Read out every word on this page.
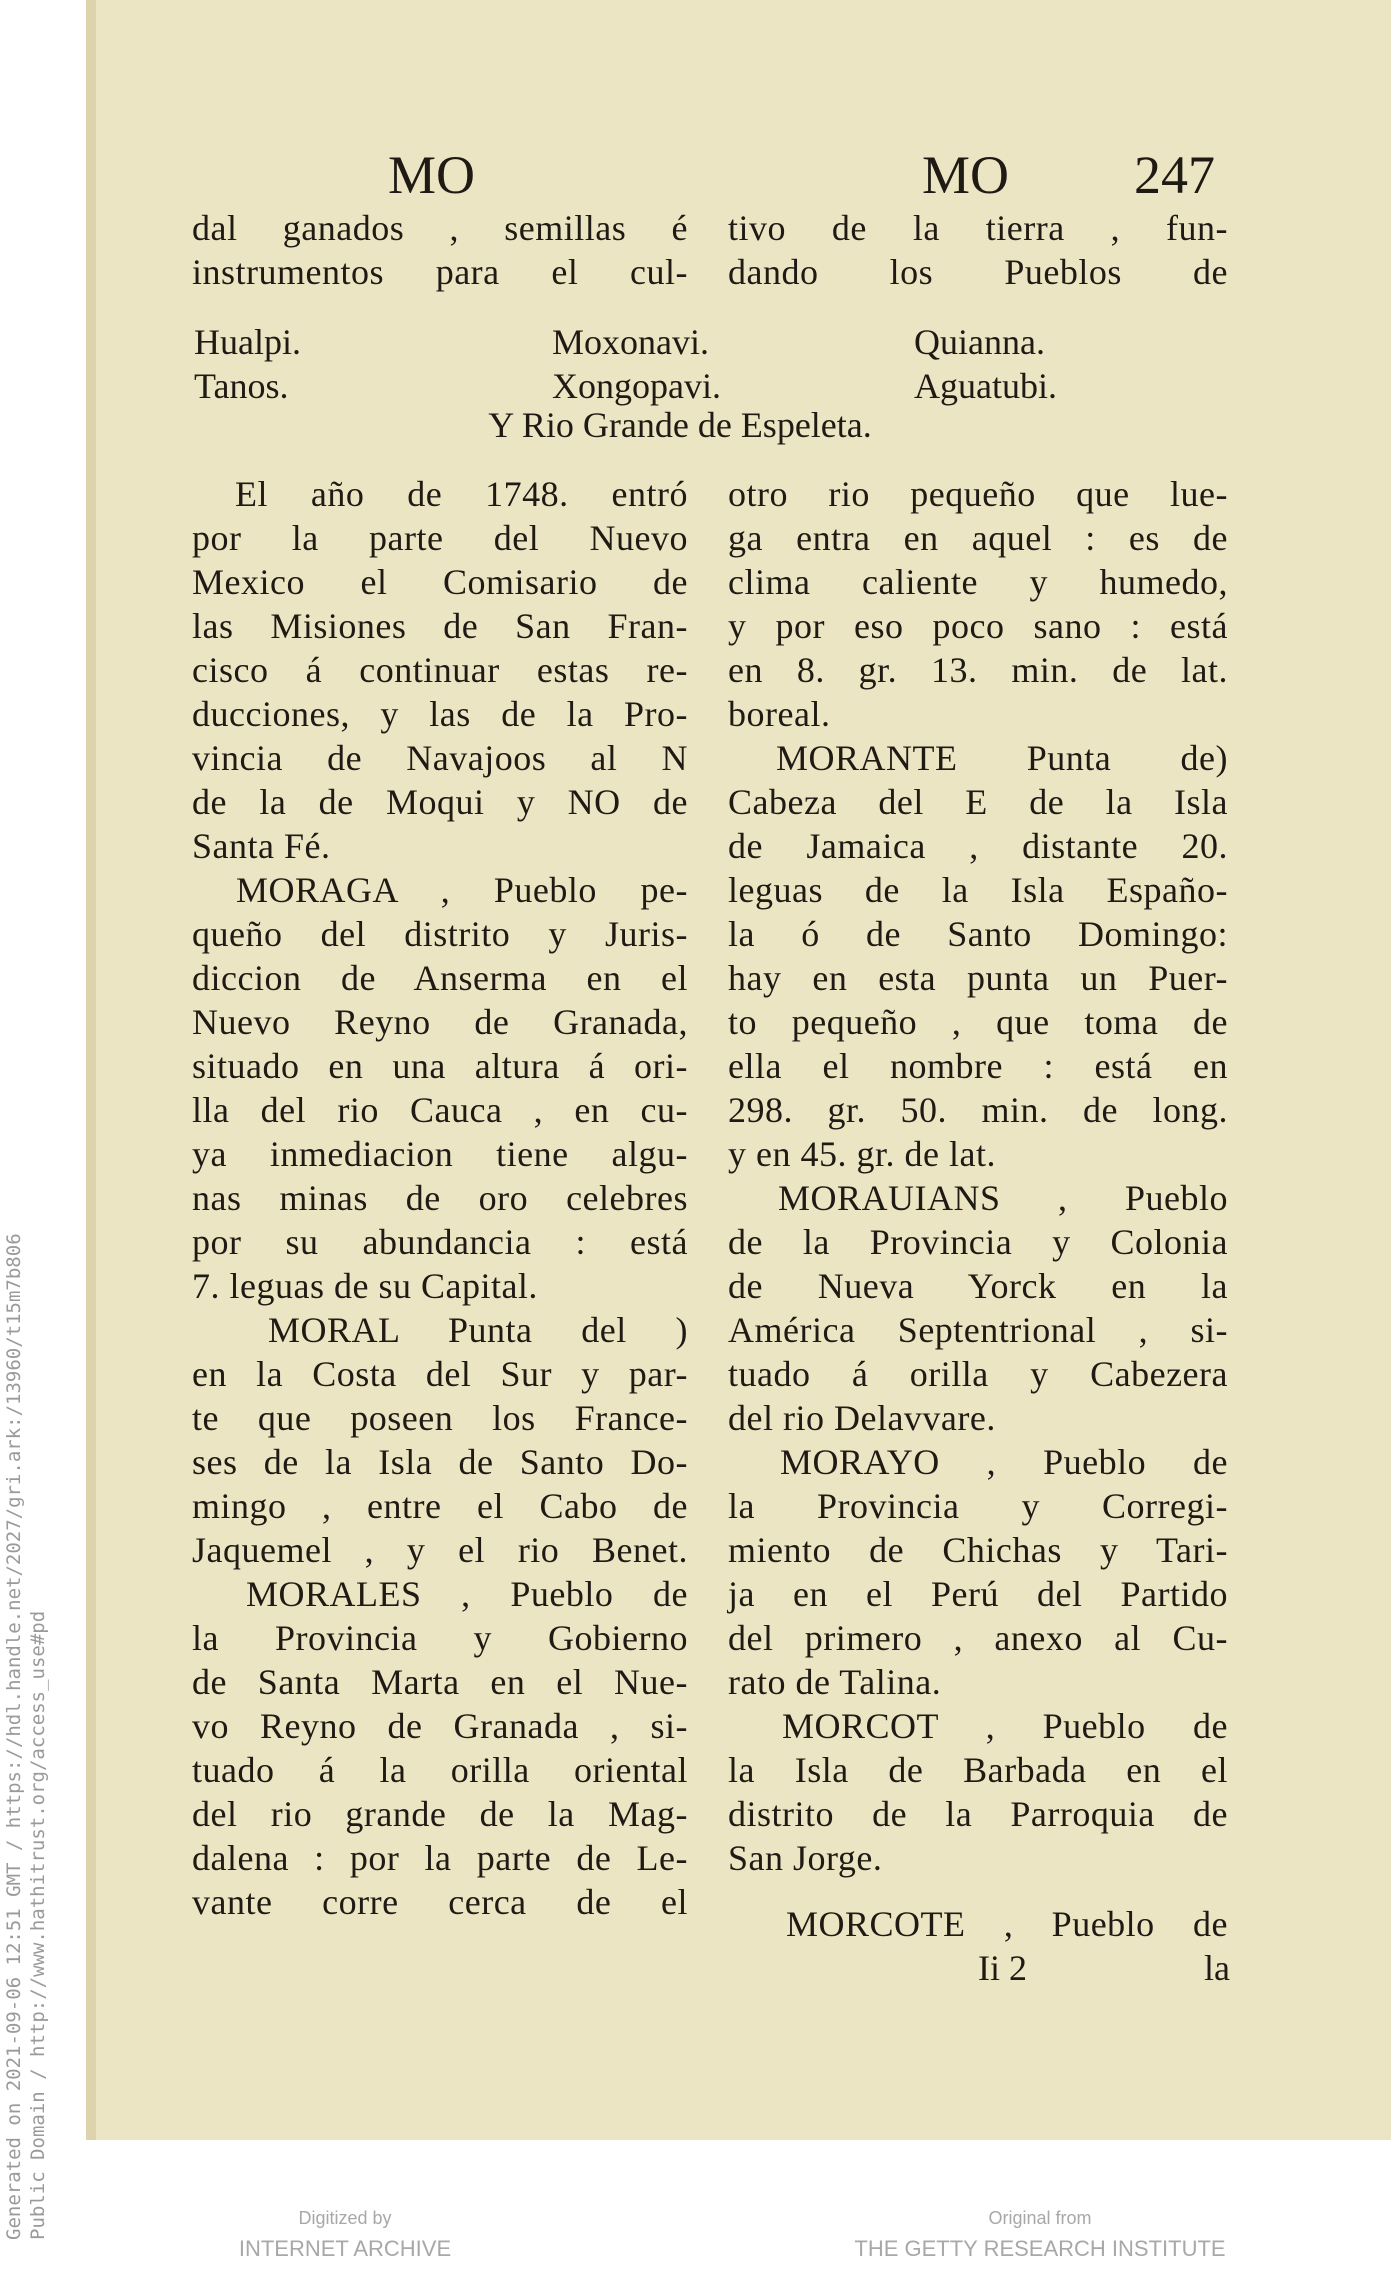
Generated on 2021-09-06 12:51 GMT / https://hdl.handle.net/2027/gri.ark:/13960/t15m7b806 Public Domain / http://www.hathitrust.org/access_use#pd
MO	MO 247
dal ganados , semillas é
instrumentos para el cul-
tivo de la tierra , fun-
dando los Pueblos de
Hualpi.
Tanos.
Moxonavi.
Xongopavi.
Quianna.
Aguatubi.
Y Rio Grande de Espeleta.
El año de 1748. entró
por la parte del Nuevo
Mexico el Comisario de
las Misiones de San Fran-
cisco á continuar estas re-
ducciones, y las de la Pro-
vincia de Navajoos al N
de la de Moqui y NO de
Santa Fé.
MORAGA , Pueblo pe-
queño del distrito y Juris-
diccion de Anserma en el
Nuevo Reyno de Granada,
situado en una altura á ori-
lla del rio Cauca , en cu-
ya inmediacion tiene algu-
nas minas de oro celebres
por su abundancia : está
7. leguas de su Capital.
MORAL Punta del )
en la Costa del Sur y par-
te que poseen los France-
ses de la Isla de Santo Do-
mingo , entre el Cabo de
Jaquemel , y el rio Benet.
MORALES , Pueblo de
la Provincia y Gobierno
de Santa Marta en el Nue-
vo Reyno de Granada , si-
tuado á la orilla oriental
del rio grande de la Mag-
dalena : por la parte de Le-
vante corre cerca de el
otro rio pequeño que lue-
ga entra en aquel : es de
clima caliente y humedo,
y por eso poco sano : está
en 8. gr. 13. min. de lat.
boreal.
MORANTE Punta de)
Cabeza del E de la Isla
de Jamaica , distante 20.
leguas de la Isla Españo-
la ó de Santo Domingo:
hay en esta punta un Puer-
to pequeño , que toma de
ella el nombre : está en
298. gr. 50. min. de long.
y en 45. gr. de lat.
MORAUIANS , Pueblo
de la Provincia y Colonia
de Nueva Yorck en la
América Septentrional , si-
tuado á orilla y Cabezera
del rio Delavvare.
MORAYO , Pueblo de
la Provincia y Corregi-
miento de Chichas y Tari-
ja en el Perú del Partido
del primero , anexo al Cu-
rato de Talina.
MORCOT , Pueblo de
la Isla de Barbada en el
distrito de la Parroquia de
San Jorge.
MORCOTE , Pueblo de
Ii 2	la
Digitized by
INTERNET ARCHIVE
Original from
THE GETTY RESEARCH INSTITUTE
